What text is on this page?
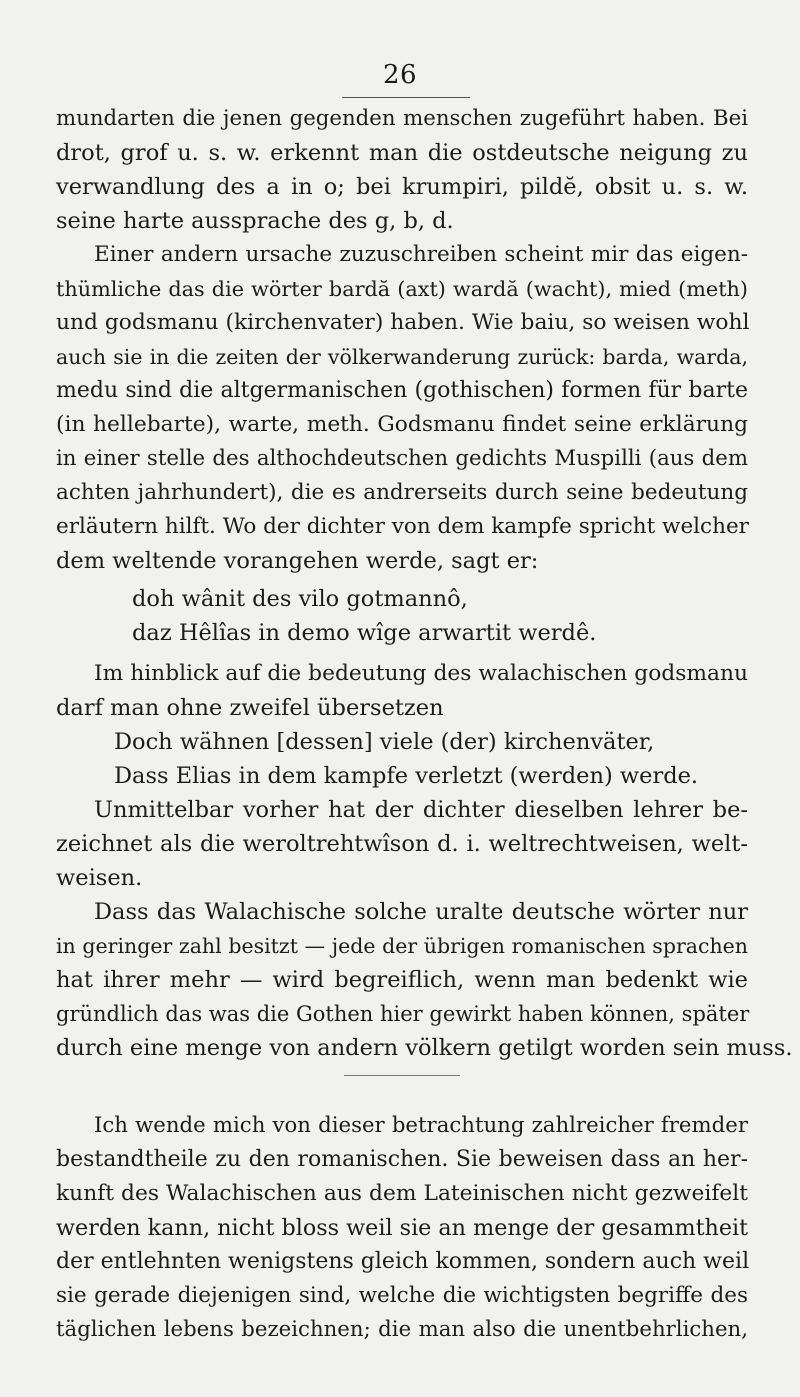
26
mundarten die jenen gegenden menschen zugeführt haben. Bei
drot, grof u. s. w. erkennt man die ostdeutsche neigung zu
verwandlung des a in o; bei krumpiri, pildĕ, obsit u. s. w.
seine harte aussprache des g, b, d.
Einer andern ursache zuzuschreiben scheint mir das eigen-
thümliche das die wörter bardă (axt) wardă (wacht), mied (meth)
und godsmanu (kirchenvater) haben. Wie baiu, so weisen wohl
auch sie in die zeiten der völkerwanderung zurück: barda, warda,
medu sind die altgermanischen (gothischen) formen für barte
(in hellebarte), warte, meth. Godsmanu findet seine erklärung
in einer stelle des althochdeutschen gedichts Muspilli (aus dem
achten jahrhundert), die es andrerseits durch seine bedeutung
erläutern hilft. Wo der dichter von dem kampfe spricht welcher
dem weltende vorangehen werde, sagt er:
doh wânit des vilo gotmannô,
daz Hêlîas in demo wîge arwartit werdê.
Im hinblick auf die bedeutung des walachischen godsmanu
darf man ohne zweifel übersetzen
Doch wähnen [dessen] viele (der) kirchenväter,
Dass Elias in dem kampfe verletzt (werden) werde.
Unmittelbar vorher hat der dichter dieselben lehrer be-
zeichnet als die weroltrehtwîson d. i. weltrechtweisen, welt-
weisen.
Dass das Walachische solche uralte deutsche wörter nur
in geringer zahl besitzt — jede der übrigen romanischen sprachen
hat ihrer mehr — wird begreiflich, wenn man bedenkt wie
gründlich das was die Gothen hier gewirkt haben können, später
durch eine menge von andern völkern getilgt worden sein muss.
Ich wende mich von dieser betrachtung zahlreicher fremder
bestandtheile zu den romanischen. Sie beweisen dass an her-
kunft des Walachischen aus dem Lateinischen nicht gezweifelt
werden kann, nicht bloss weil sie an menge der gesammtheit
der entlehnten wenigstens gleich kommen, sondern auch weil
sie gerade diejenigen sind, welche die wichtigsten begriffe des
täglichen lebens bezeichnen; die man also die unentbehrlichen,
